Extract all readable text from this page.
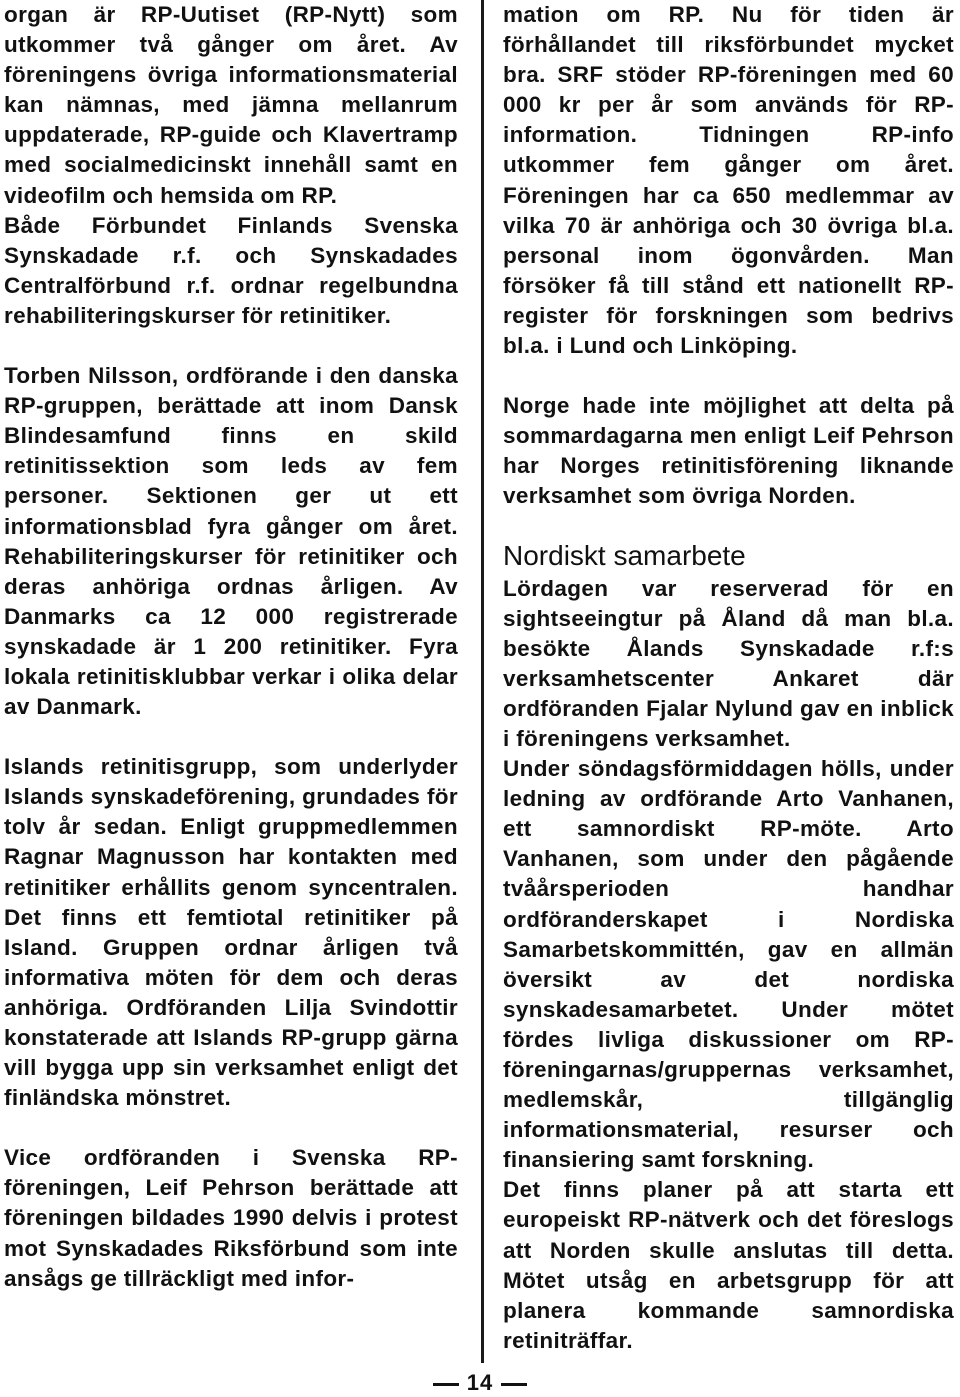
organ är RP-Uutiset (RP-Nytt) som utkommer två gånger om året. Av föreningens övriga informationsmaterial kan nämnas, med jämna mellanrum uppdaterade, RP-guide och Klavertramp med socialmedicinskt innehåll samt en videofilm och hemsida om RP.

Både Förbundet Finlands Svenska Synskadade r.f. och Synskadades Centralförbund r.f. ordnar regelbundna rehabiliteringskurser för retinitiker.

Torben Nilsson, ordförande i den danska RP-gruppen, berättade att inom Dansk Blindesamfund finns en skild retinitissektion som leds av fem personer. Sektionen ger ut ett informationsblad fyra gånger om året. Rehabiliteringskurser för retinitiker och deras anhöriga ordnas årligen. Av Danmarks ca 12 000 registrerade synskadade är 1 200 retinitiker. Fyra lokala retinitisklubbar verkar i olika delar av Danmark.

Islands retinitisgrupp, som underlyder Islands synskadeförening, grundades för tolv år sedan. Enligt gruppmedlemmen Ragnar Magnusson har kontakten med retinitiker erhållits genom syncentralen. Det finns ett femtiotal retinitiker på Island. Gruppen ordnar årligen två informativa möten för dem och deras anhöriga. Ordföranden Lilja Svindottir konstaterade att Islands RP-grupp gärna vill bygga upp sin verksamhet enligt det finländska mönstret.

Vice ordföranden i Svenska RP-föreningen, Leif Pehrson berättade att föreningen bildades 1990 delvis i protest mot Synskadades Riksförbund som inte ansågs ge tillräckligt med infor-

mation om RP. Nu för tiden är förhållandet till riksförbundet mycket bra. SRF stöder RP-föreningen med 60 000 kr per år som används för RP-information. Tidningen RP-info utkommer fem gånger om året. Föreningen har ca 650 medlemmar av vilka 70 är anhöriga och 30 övriga bl.a. personal inom ögonvården. Man försöker få till stånd ett nationellt RP-register för forskningen som bedrivs bl.a. i Lund och Linköping.

Norge hade inte möjlighet att delta på sommardagarna men enligt Leif Pehrson har Norges retinitisförening liknande verksamhet som övriga Norden.

Nordiskt samarbete

Lördagen var reserverad för en sightseeingtur på Åland då man bl.a. besökte Ålands Synskadade r.f:s verksamhetscenter Ankaret där ordföranden Fjalar Nylund gav en inblick i föreningens verksamhet.

Under söndagsförmiddagen hölls, under ledning av ordförande Arto Vanhanen, ett samnordiskt RP-möte. Arto Vanhanen, som under den pågående tvåårsperioden handhar ordföranderskapet i Nordiska Samarbetskommittén, gav en allmän översikt av det nordiska synskadesamarbetet. Under mötet fördes livliga diskussioner om RP-föreningarnas/gruppernas verksamhet, medlemskår, tillgänglig informationsmaterial, resurser och finansiering samt forskning.

Det finns planer på att starta ett europeiskt RP-nätverk och det föreslogs att Norden skulle anslutas till detta. Mötet utsåg en arbetsgrupp för att planera kommande samnordiska retiniträffar.

14
